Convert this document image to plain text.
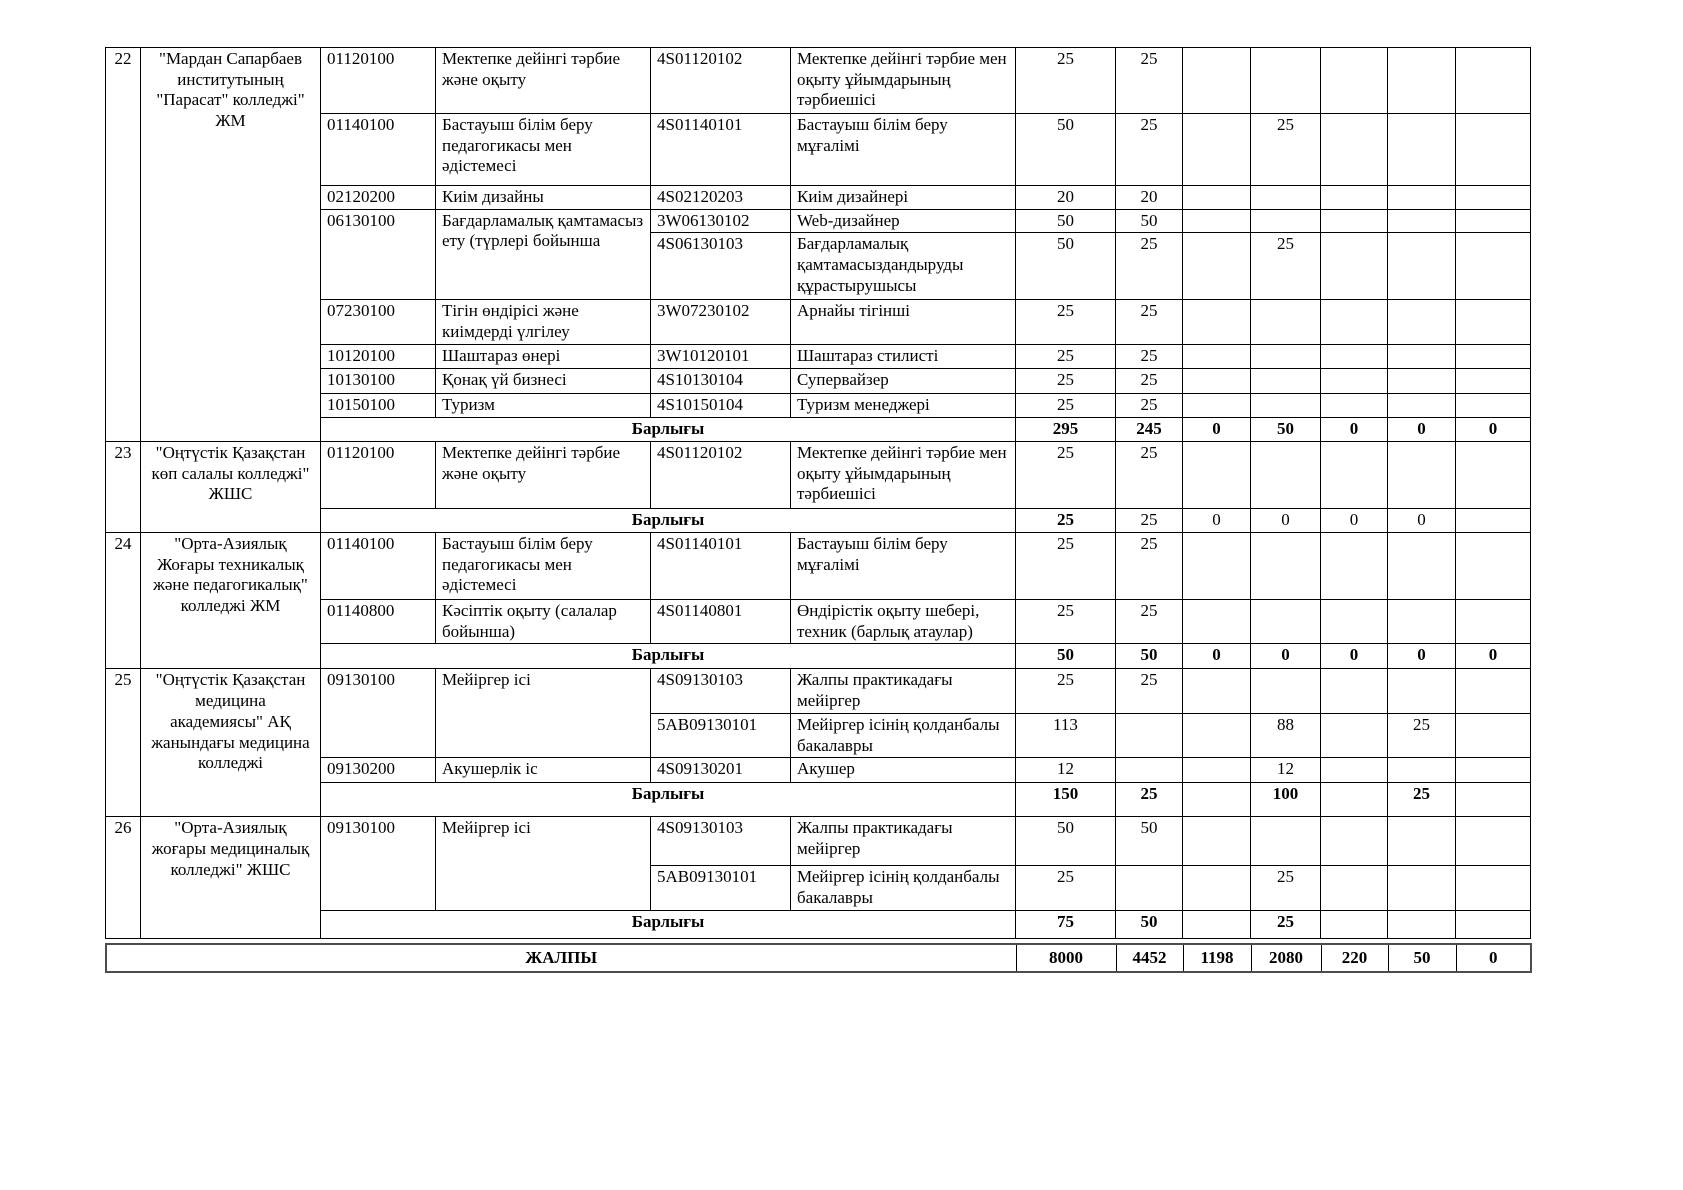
22	"Мардан Сапарбаев институтының "Парасат" колледжі" ЖМ	01120100	Мектепке дейінгі тәрбие және оқыту	4S01120102	Мектепке дейінгі тәрбие мен оқыту ұйымдарының тәрбиешісі	25	25					
		01140100	Бастауыш білім беру педагогикасы мен әдістемесі	4S01140101	Бастауыш білім беру мұғалімі	50	25		25			
		02120200	Киім дизайны	4S02120203	Киім дизайнері	20	20					
		06130100	Бағдарламалық қамтамасыз ету (түрлері бойынша	3W06130102	Web-дизайнер	50	50					
				4S06130103	Бағдарламалық қамтамасыздандыруды құрастырушысы	50	25		25			
		07230100	Тігін өндірісі және киімдерді үлгілеу	3W07230102	Арнайы тігінші	25	25					
		10120100	Шаштараз өнері	3W10120101	Шаштараз стилисті	25	25					
		10130100	Қонақ үй бизнесі	4S10130104	Супервайзер	25	25					
		10150100	Туризм	4S10150104	Туризм менеджері	25	25					
		Барлығы				295	245	0	50	0	0	0
23	"Оңтүстік Қазақстан көп салалы колледжі" ЖШС	01120100	Мектепке дейінгі тәрбие және оқыту	4S01120102	Мектепке дейінгі тәрбие мен оқыту ұйымдарының тәрбиешісі	25	25					
		Барлығы				25	25	0	0	0	0	
24	"Орта-Азиялық Жоғары техникалық және педагогикалық" колледжі ЖМ	01140100	Бастауыш білім беру педагогикасы мен әдістемесі	4S01140101	Бастауыш білім беру мұғалімі	25	25					
		01140800	Кәсіптік оқыту (салалар бойынша)	4S01140801	Өндірістік оқыту шебері, техник (барлық атаулар)	25	25					
		Барлығы				50	50	0	0	0	0	0
25	"Оңтүстік Қазақстан медицина академиясы" АҚ жанындағы медицина колледжі	09130100	Мейіргер ісі	4S09130103	Жалпы практикадағы мейіргер	25	25					
				5AB09130101	Мейіргер ісінің қолданбалы бакалавры	113			88		25	
		09130200	Акушерлік іс	4S09130201	Акушер	12			12			
		Барлығы				150	25		100		25	
26	"Орта-Азиялық жоғары медициналық колледжі" ЖШС	09130100	Мейіргер ісі	4S09130103	Жалпы практикадағы мейіргер	50	50					
				5AB09130101	Мейіргер ісінің қолданбалы бакалавры	25			25			
		Барлығы				75	50		25			
ЖАЛПЫ	8000	4452	1198	2080	220	50	0
